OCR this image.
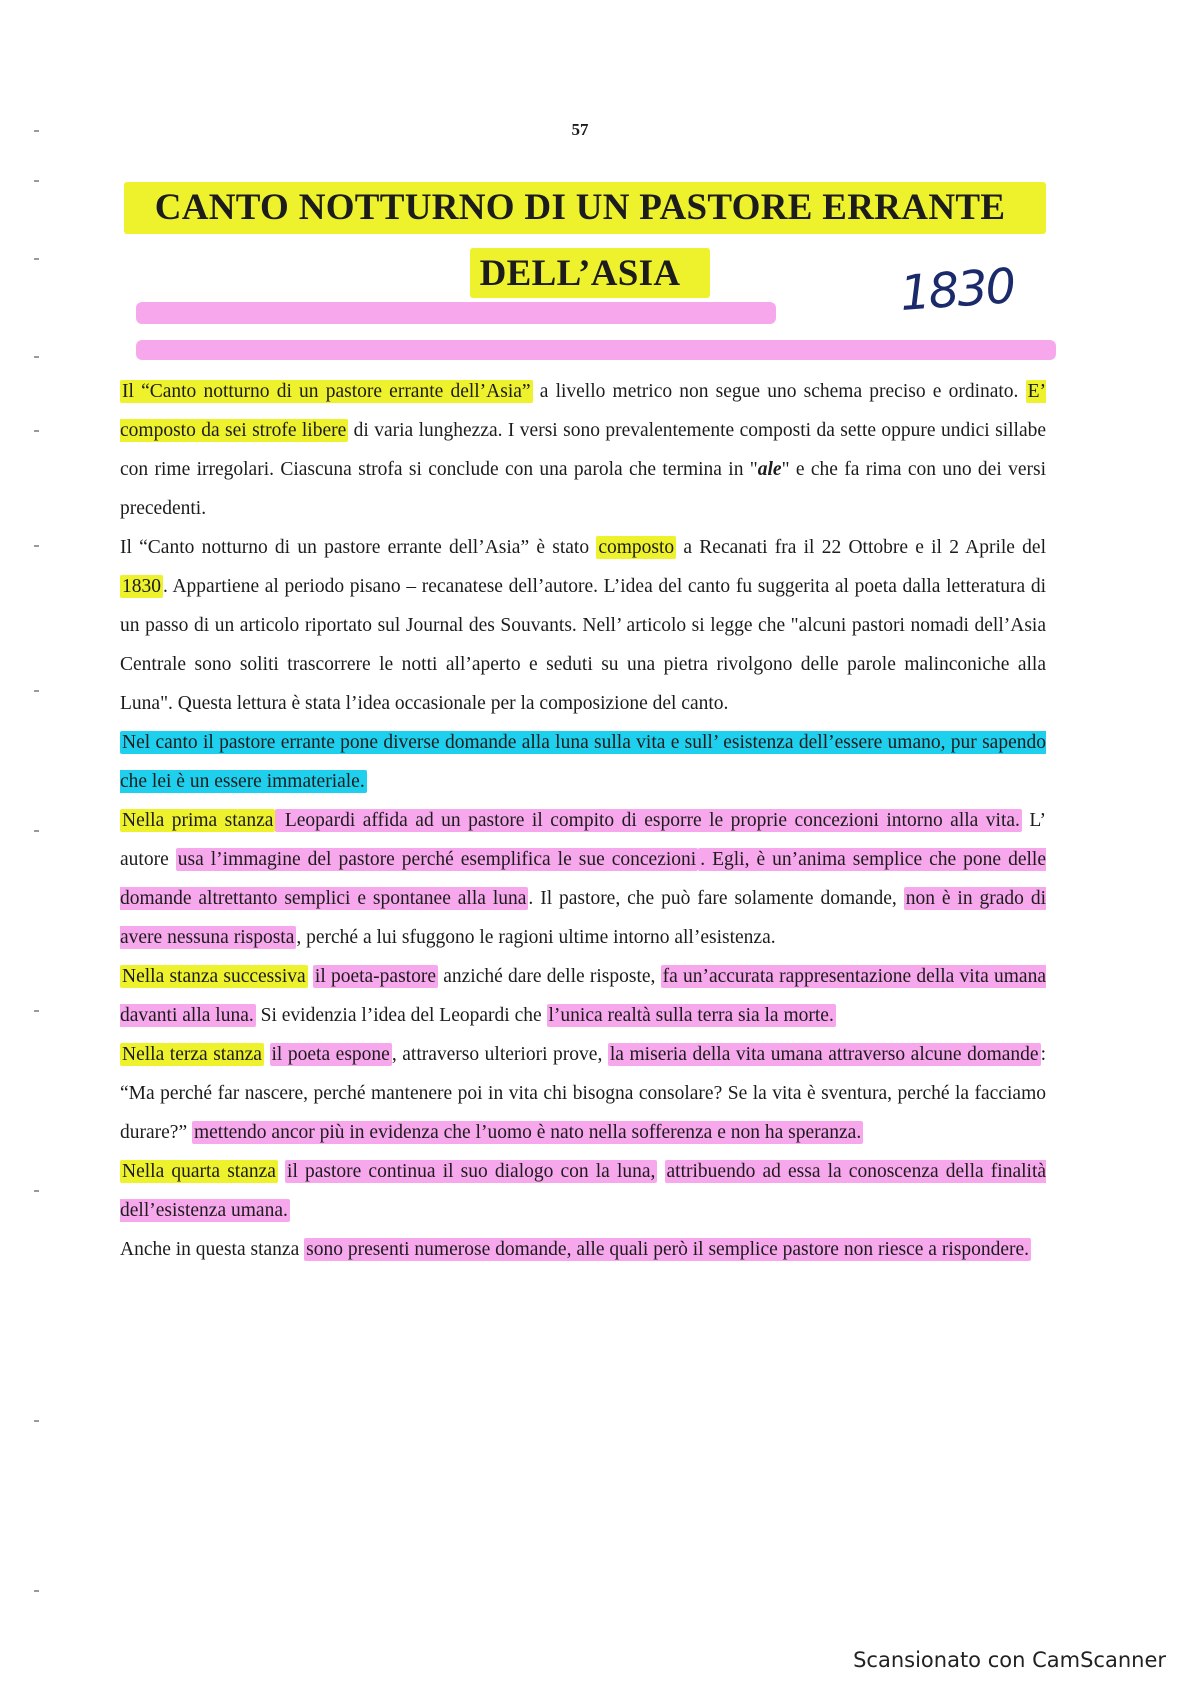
57
CANTO NOTTURNO DI UN PASTORE ERRANTE
DELL’ASIA	1830

Il “Canto notturno di un pastore errante dell’Asia” a livello metrico non segue uno schema preciso e ordinato. E’ composto da sei strofe libere di varia lunghezza. I versi sono prevalentemente composti da sette oppure undici sillabe con rime irregolari. Ciascuna strofa si conclude con una parola che termina in "ale" e che fa rima con uno dei versi precedenti.

Il “Canto notturno di un pastore errante dell’Asia” è stato composto a Recanati fra il 22 Ottobre e il 2 Aprile del 1830 . Appartiene al periodo pisano – recanatese dell’autore. L’idea del canto fu suggerita al poeta dalla letteratura di un passo di un articolo riportato sul Journal des Souvants. Nell’ articolo si legge che "alcuni pastori nomadi dell’Asia Centrale sono soliti trascorrere le notti all’aperto e seduti su una pietra rivolgono delle parole malinconiche alla Luna". Questa lettura è stata l’idea occasionale per la composizione del canto.

Nel canto il pastore errante pone diverse domande alla luna sulla vita e sull’ esistenza dell’essere umano, pur sapendo che lei è un essere immateriale.

Nella prima stanza Leopardi affida ad un pastore il compito di esporre le proprie concezioni intorno alla vita. L’ autore usa l’immagine del pastore perché esemplifica le sue concezioni . Egli, è un’anima semplice che pone delle domande altrettanto semplici e spontanee alla luna . Il pastore, che può fare solamente domande, non è in grado di avere nessuna risposta , perché a lui sfuggono le ragioni ultime intorno all’esistenza.

Nella stanza successiva il poeta-pastore anziché dare delle risposte, fa un’accurata rappresentazione della vita umana davanti alla luna. Si evidenzia l’idea del Leopardi che l’unica realtà sulla terra sia la morte.

Nella terza stanza il poeta espone , attraverso ulteriori prove, la miseria della vita umana attraverso alcune domande : “Ma perché far nascere, perché mantenere poi in vita chi bisogna consolare? Se la vita è sventura, perché la facciamo durare?” mettendo ancor più in evidenza che l’uomo è nato nella sofferenza e non ha speranza.

Nella quarta stanza il pastore continua il suo dialogo con la luna, attribuendo ad essa la conoscenza della finalità dell’esistenza umana.

Anche in questa stanza sono presenti numerose domande, alle quali però il semplice pastore non riesce a rispondere.

Scansionato con CamScanner
